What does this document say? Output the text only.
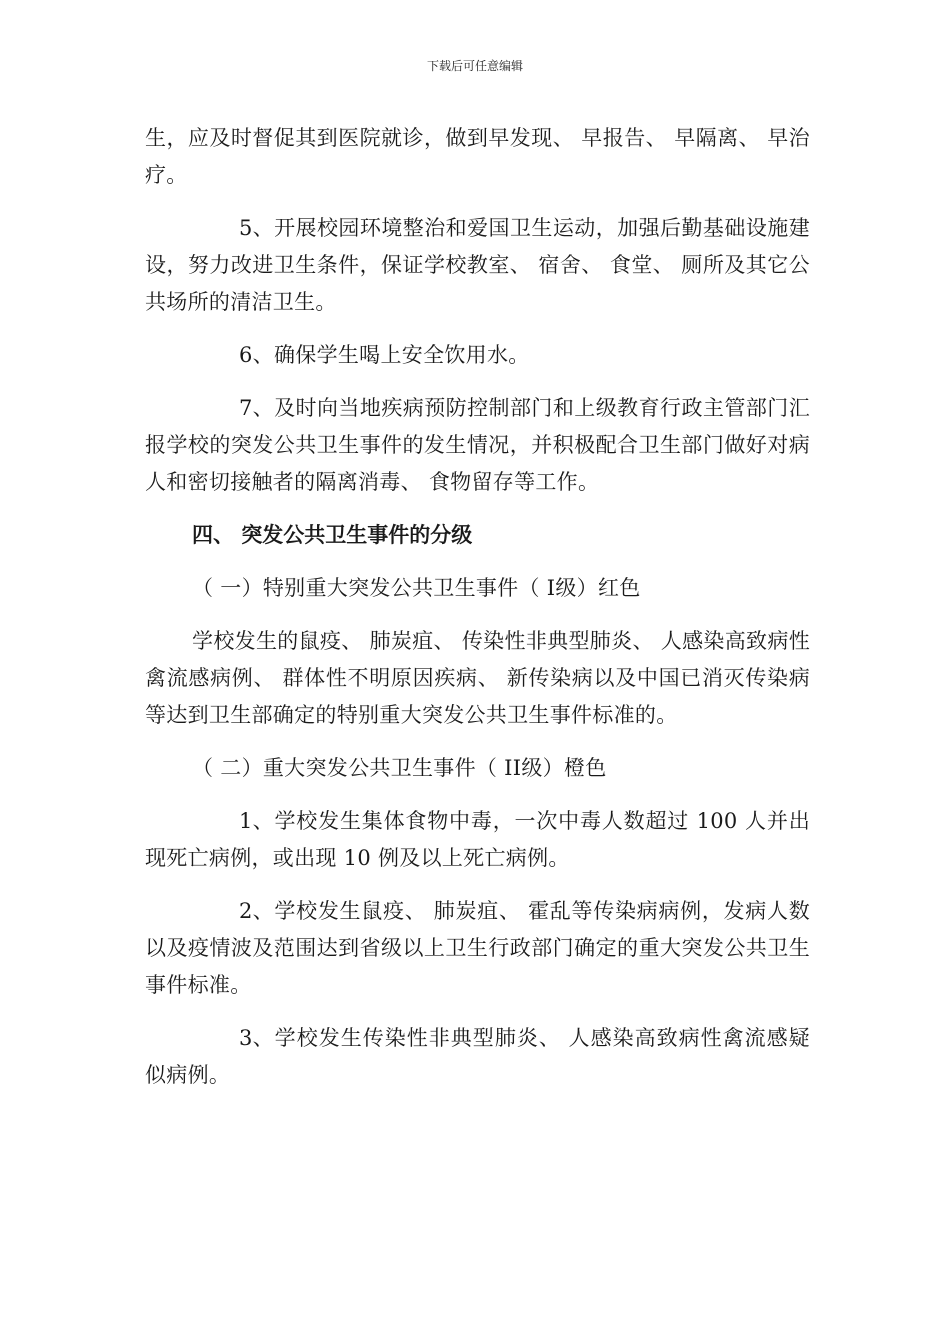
下载后可任意编辑

生，应及时督促其到医院就诊，做到早发现、 早报告、 早隔离、 早治疗。

5、开展校园环境整治和爱国卫生运动，加强后勤基础设施建设，努力改进卫生条件，保证学校教室、 宿舍、 食堂、 厕所及其它公共场所的清洁卫生。

6、确保学生喝上安全饮用水。

7、及时向当地疾病预防控制部门和上级教育行政主管部门汇报学校的突发公共卫生事件的发生情况，并积极配合卫生部门做好对病人和密切接触者的隔离消毒、 食物留存等工作。

四、 突发公共卫生事件的分级

（ 一）特别重大突发公共卫生事件（ Ⅰ级）红色

学校发生的鼠疫、 肺炭疽、 传染性非典型肺炎、 人感染高致病性禽流感病例、 群体性不明原因疾病、 新传染病以及中国已消灭传染病等达到卫生部确定的特别重大突发公共卫生事件标准的。

（ 二）重大突发公共卫生事件（ II级）橙色

1、学校发生集体食物中毒，一次中毒人数超过 100 人并出现死亡病例，或出现 10 例及以上死亡病例。

2、学校发生鼠疫、 肺炭疽、 霍乱等传染病病例，发病人数以及疫情波及范围达到省级以上卫生行政部门确定的重大突发公共卫生事件标准。

3、学校发生传染性非典型肺炎、 人感染高致病性禽流感疑似病例。
